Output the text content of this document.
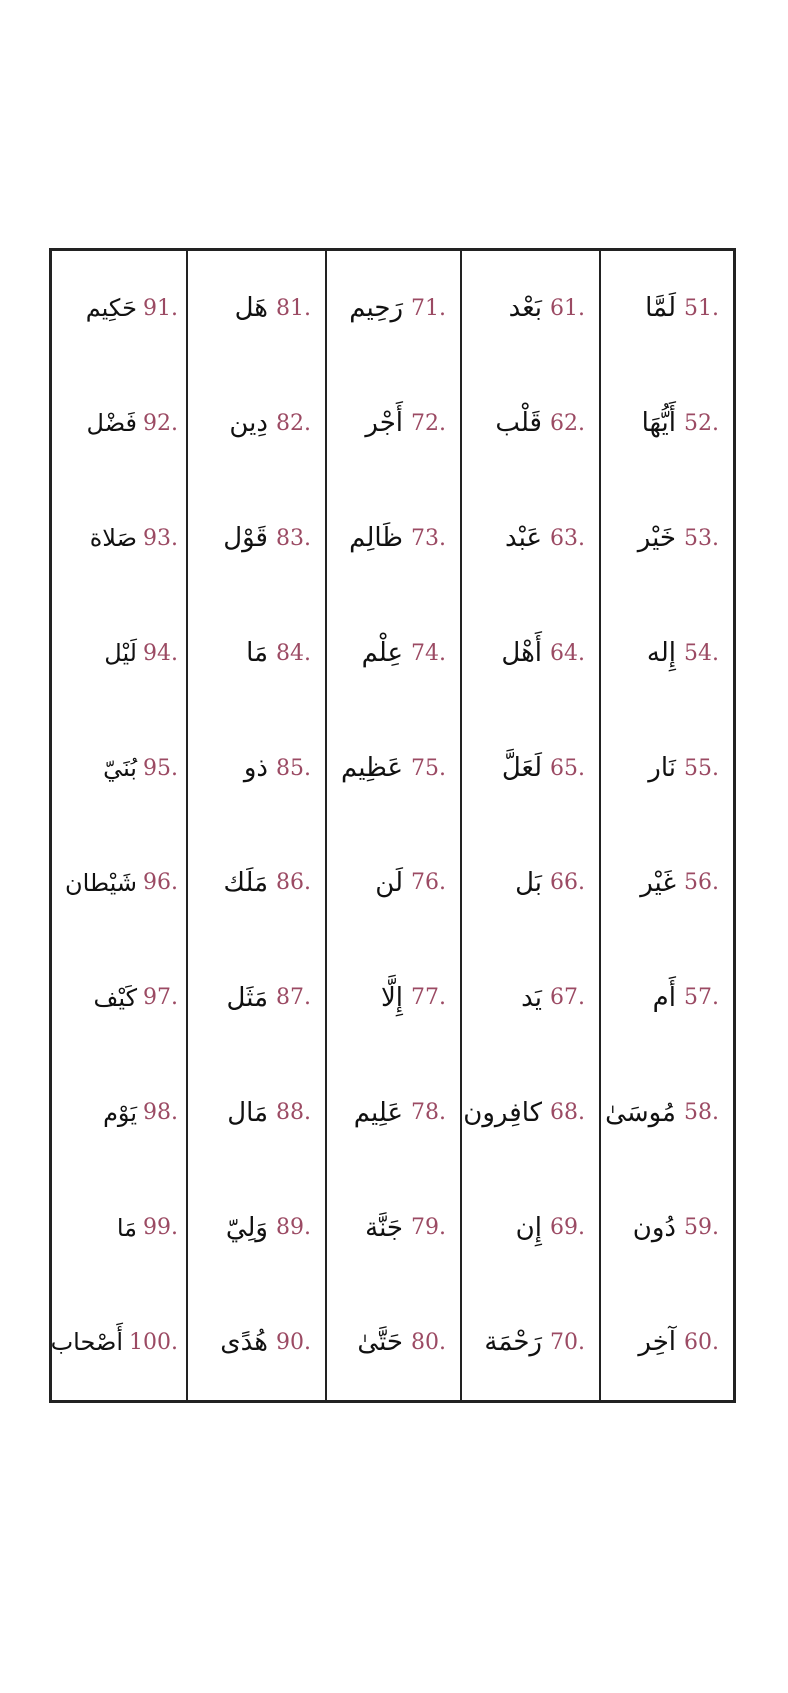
91.
حَكِيم
92.
فَضْل
93.
صَلاة
94.
لَيْل
95.
بُنَيّ
96.
شَيْطان
97.
كَيْف
98.
يَوْم
99.
مَا
100.
أَصْحاب
81.
هَل
82.
دِين
83.
قَوْل
84.
مَا
85.
ذو
86.
مَلَك
87.
مَثَل
88.
مَال
89.
وَلِيّ
90.
هُدًى
71.
رَحِيم
72.
أَجْر
73.
ظَالِم
74.
عِلْم
75.
عَظِيم
76.
لَن
77.
إِلَّا
78.
عَلِيم
79.
جَنَّة
80.
حَتَّىٰ
61.
بَعْد
62.
قَلْب
63.
عَبْد
64.
أَهْل
65.
لَعَلَّ
66.
بَل
67.
يَد
68.
كافِرون
69.
إِن
70.
رَحْمَة
51.
لَمَّا
52.
أَيُّهَا
53.
خَيْر
54.
إِله
55.
نَار
56.
غَيْر
57.
أَم
58.
مُوسَىٰ
59.
دُون
60.
آخِر
